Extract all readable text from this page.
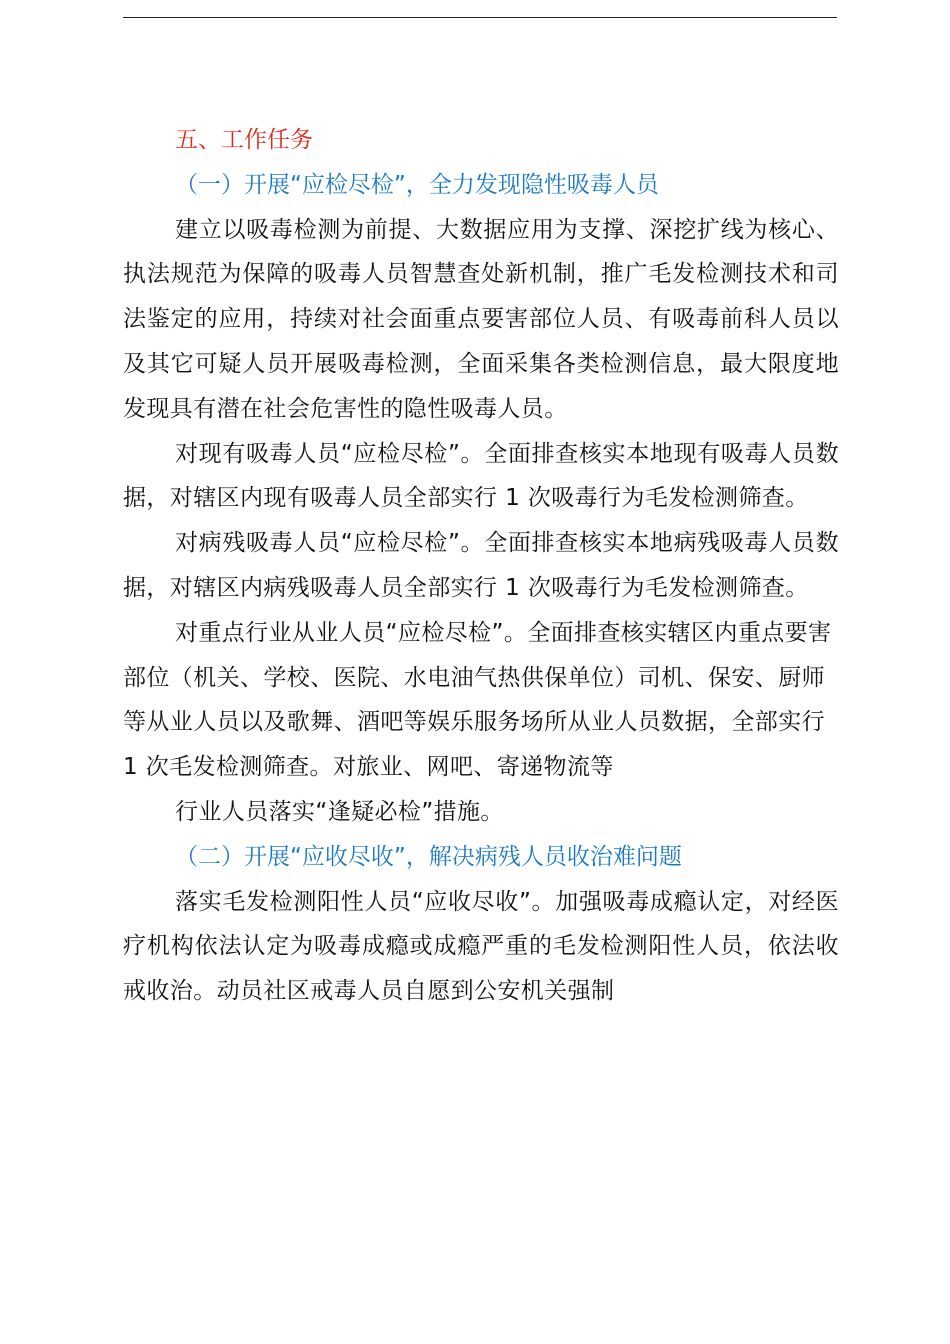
五、工作任务
（一）开展“应检尽检”，全力发现隐性吸毒人员

建立以吸毒检测为前提、大数据应用为支撑、深挖扩线为核心、执法规范为保障的吸毒人员智慧查处新机制，推广毛发检测技术和司法鉴定的应用，持续对社会面重点要害部位人员、有吸毒前科人员以及其它可疑人员开展吸毒检测，全面采集各类检测信息，最大限度地发现具有潜在社会危害性的隐性吸毒人员。

对现有吸毒人员“应检尽检”。全面排查核实本地现有吸毒人员数据，对辖区内现有吸毒人员全部实行 1 次吸毒行为毛发检测筛查。

对病残吸毒人员“应检尽检”。全面排查核实本地病残吸毒人员数据，对辖区内病残吸毒人员全部实行 1 次吸毒行为毛发检测筛查。

对重点行业从业人员“应检尽检”。全面排查核实辖区内重点要害部位（机关、学校、医院、水电油气热供保单位）司机、保安、厨师等从业人员以及歌舞、酒吧等娱乐服务场所从业人员数据，全部实行 1 次毛发检测筛查。对旅业、网吧、寄递物流等

行业人员落实“逢疑必检”措施。

（二）开展“应收尽收”，解决病残人员收治难问题

落实毛发检测阳性人员“应收尽收”。加强吸毒成瘾认定，对经医疗机构依法认定为吸毒成瘾或成瘾严重的毛发检测阳性人员，依法收戒收治。动员社区戒毒人员自愿到公安机关强制
